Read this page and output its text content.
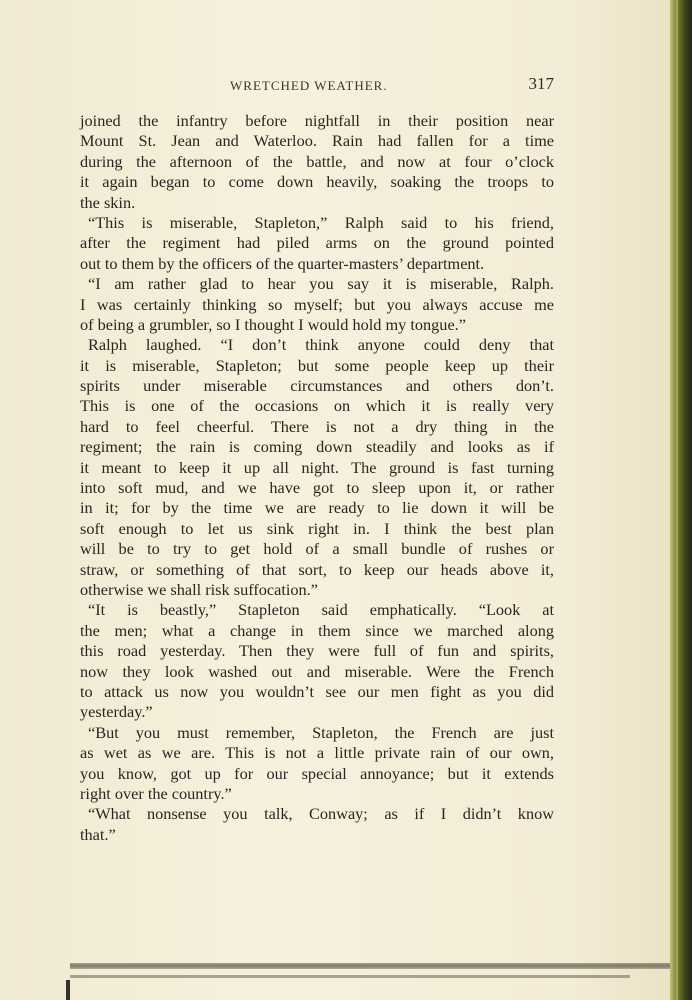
WRETCHED WEATHER.	317
joined the infantry before nightfall in their position near
Mount St. Jean and Waterloo. Rain had fallen for a time
during the afternoon of the battle, and now at four o’clock
it again began to come down heavily, soaking the troops to
the skin.
“This is miserable, Stapleton,” Ralph said to his friend,
after the regiment had piled arms on the ground pointed
out to them by the officers of the quarter-masters’ department.
“I am rather glad to hear you say it is miserable, Ralph.
I was certainly thinking so myself; but you always accuse me
of being a grumbler, so I thought I would hold my tongue.”
Ralph laughed. “I don’t think anyone could deny that
it is miserable, Stapleton; but some people keep up their
spirits under miserable circumstances and others don’t.
This is one of the occasions on which it is really very
hard to feel cheerful. There is not a dry thing in the
regiment; the rain is coming down steadily and looks as if
it meant to keep it up all night. The ground is fast turning
into soft mud, and we have got to sleep upon it, or rather
in it; for by the time we are ready to lie down it will be
soft enough to let us sink right in. I think the best plan
will be to try to get hold of a small bundle of rushes or
straw, or something of that sort, to keep our heads above it,
otherwise we shall risk suffocation.”
“It is beastly,” Stapleton said emphatically. “Look at
the men; what a change in them since we marched along
this road yesterday. Then they were full of fun and spirits,
now they look washed out and miserable. Were the French
to attack us now you wouldn’t see our men fight as you did
yesterday.”
“But you must remember, Stapleton, the French are just
as wet as we are. This is not a little private rain of our own,
you know, got up for our special annoyance; but it extends
right over the country.”
“What nonsense you talk, Conway; as if I didn’t know
that.”
